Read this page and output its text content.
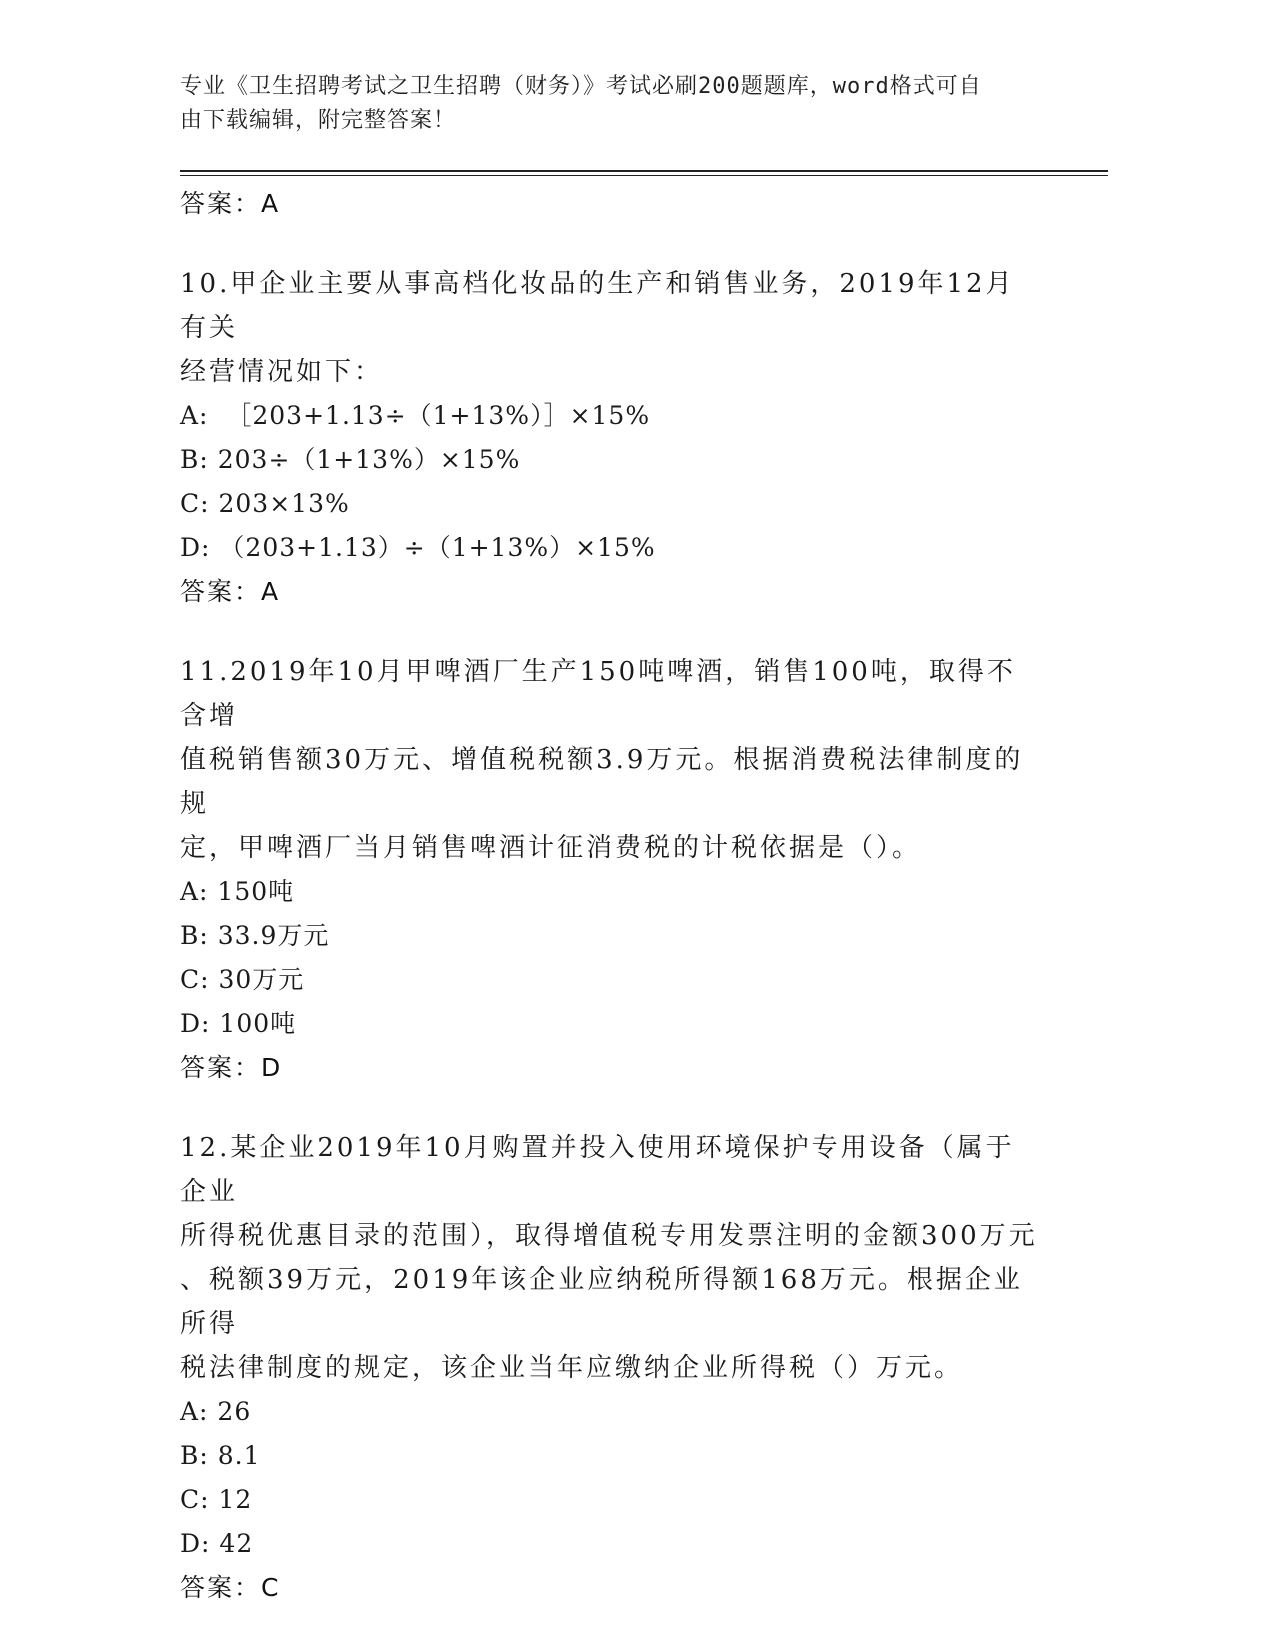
专业《卫生招聘考试之卫生招聘（财务）》考试必刷200题题库，word格式可自
由下载编辑，附完整答案！
答案：A
10.甲企业主要从事高档化妆品的生产和销售业务，2019年12月有关
经营情况如下：
A:  ［203+1.13÷（1+13%）］×15%
B: 203÷（1+13%）×15%
C: 203×13%
D: （203+1.13）÷（1+13%）×15%
答案：A
11.2019年10月甲啤酒厂生产150吨啤酒，销售100吨，取得不含增
值税销售额30万元、增值税税额3.9万元。根据消费税法律制度的规
定，甲啤酒厂当月销售啤酒计征消费税的计税依据是（）。
A: 150吨
B: 33.9万元
C: 30万元
D: 100吨
答案：D
12.某企业2019年10月购置并投入使用环境保护专用设备（属于企业
所得税优惠目录的范围），取得增值税专用发票注明的金额300万元
、税额39万元，2019年该企业应纳税所得额168万元。根据企业所得
税法律制度的规定，该企业当年应缴纳企业所得税（）万元。
A: 26
B: 8.1
C: 12
D: 42
答案：C
